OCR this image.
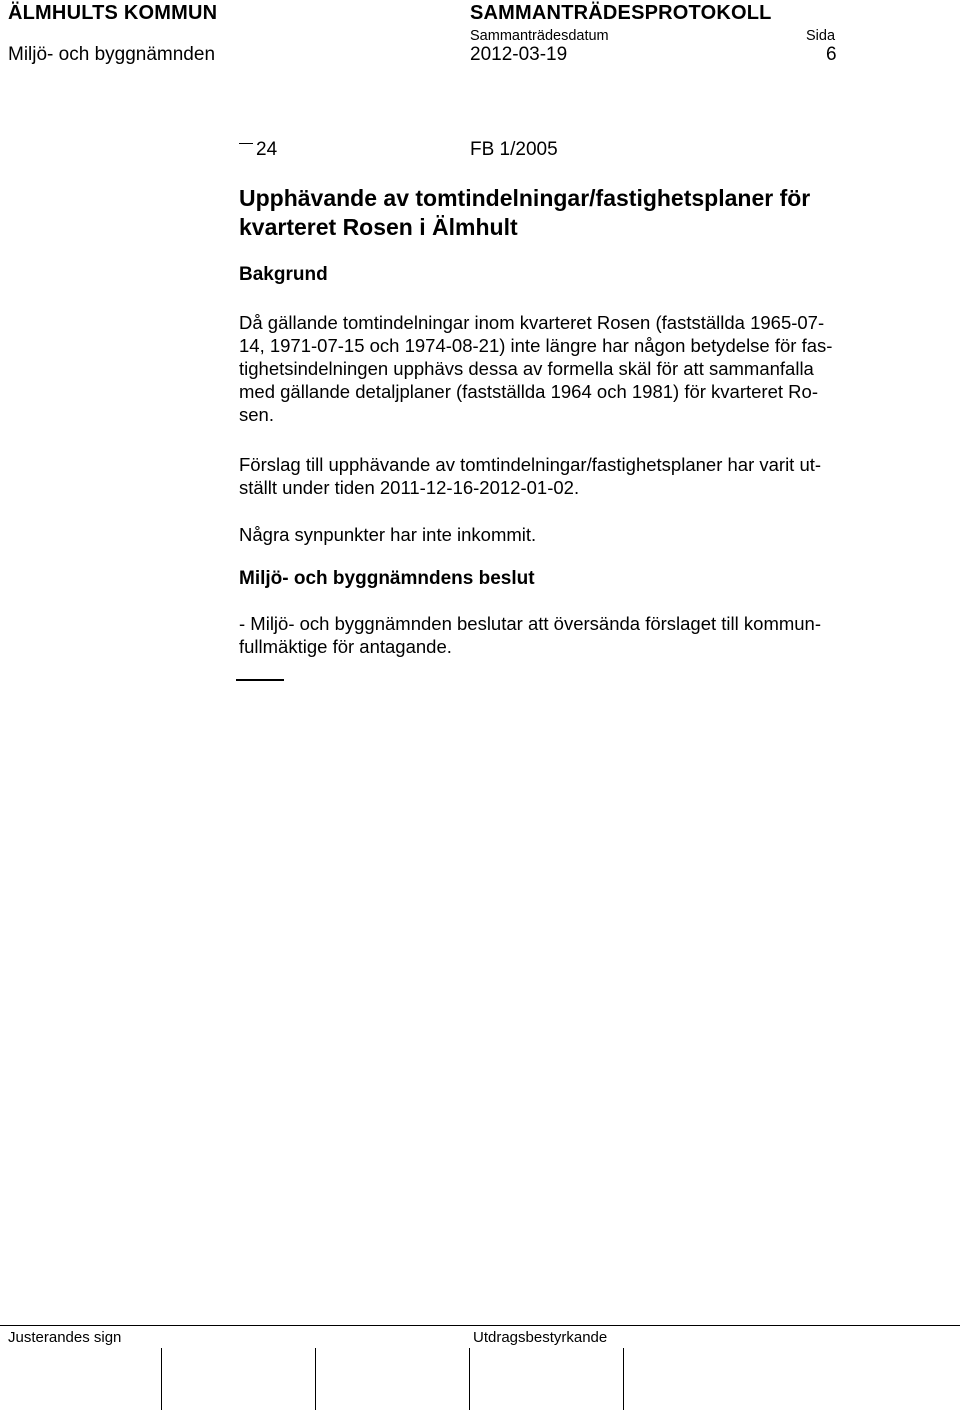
ÄLMHULTS KOMMUN
Miljö- och byggnämnden
SAMMANTRÄDESPROTOKOLL
Sammanträdesdatum
2012-03-19
Sida
6
24	FB 1/2005
Upphävande av tomtindelningar/fastighetsplaner för
kvarteret Rosen i Älmhult
Bakgrund
Då gällande tomtindelningar inom kvarteret Rosen (fastställda 1965-07-
14, 1971-07-15 och 1974-08-21) inte längre har någon betydelse för fas-
tighetsindelningen upphävs dessa av formella skäl för att sammanfalla
med gällande detaljplaner (fastställda 1964 och 1981) för kvarteret Ro-
sen.
Förslag till upphävande av tomtindelningar/fastighetsplaner har varit ut-
ställt under tiden 2011-12-16-2012-01-02.
Några synpunkter har inte inkommit.
Miljö- och byggnämndens beslut
- Miljö- och byggnämnden beslutar att översända förslaget till kommun-
fullmäktige för antagande.
Justerandes sign	Utdragsbestyrkande
